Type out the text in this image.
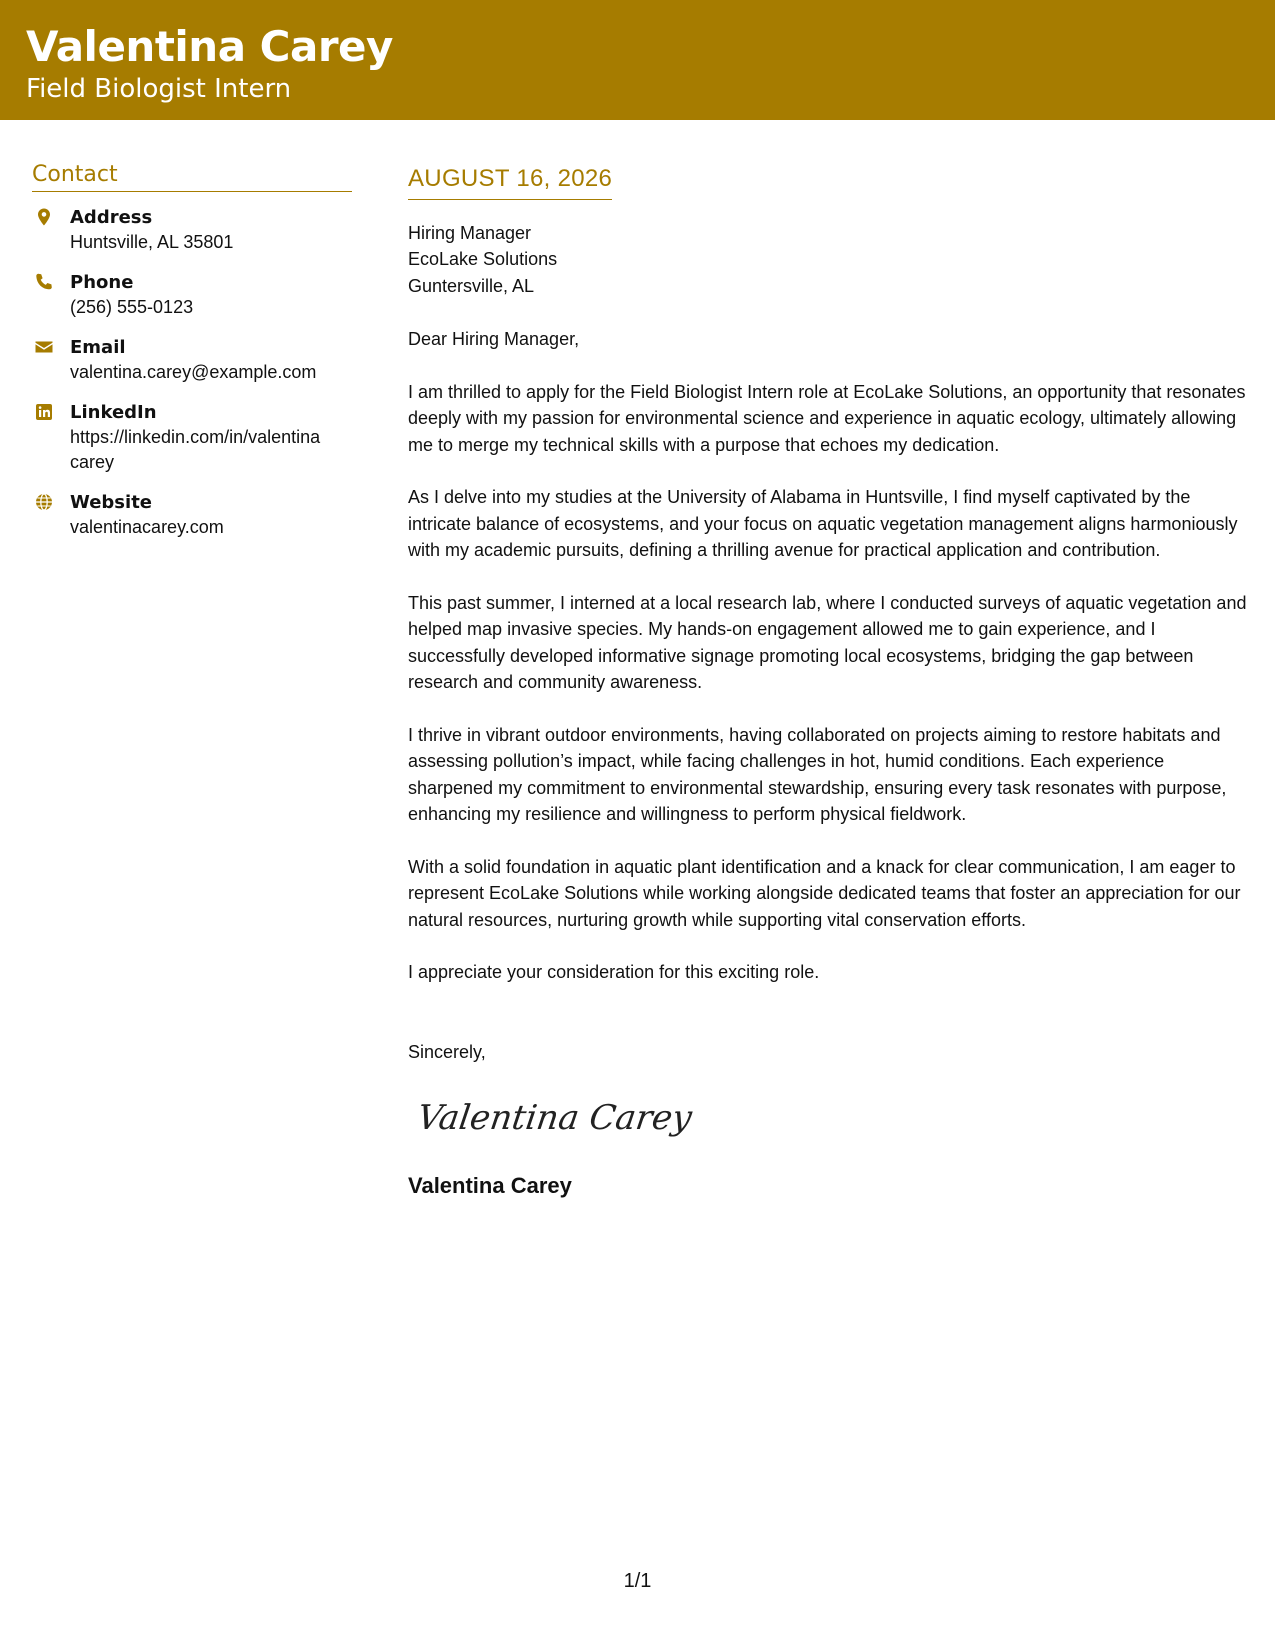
Valentina Carey
Field Biologist Intern
Contact
Address
Huntsville, AL 35801
Phone
(256) 555-0123
Email
valentina.carey@example.com
LinkedIn
https://linkedin.com/in/valentina carey
Website
valentinacarey.com
AUGUST 16, 2026
Hiring Manager
EcoLake Solutions
Guntersville, AL
Dear Hiring Manager,
I am thrilled to apply for the Field Biologist Intern role at EcoLake Solutions, an opportunity that resonates deeply with my passion for environmental science and experience in aquatic ecology, ultimately allowing me to merge my technical skills with a purpose that echoes my dedication.
As I delve into my studies at the University of Alabama in Huntsville, I find myself captivated by the intricate balance of ecosystems, and your focus on aquatic vegetation management aligns harmoniously with my academic pursuits, defining a thrilling avenue for practical application and contribution.
This past summer, I interned at a local research lab, where I conducted surveys of aquatic vegetation and helped map invasive species. My hands-on engagement allowed me to gain experience, and I successfully developed informative signage promoting local ecosystems, bridging the gap between research and community awareness.
I thrive in vibrant outdoor environments, having collaborated on projects aiming to restore habitats and assessing pollution’s impact, while facing challenges in hot, humid conditions. Each experience sharpened my commitment to environmental stewardship, ensuring every task resonates with purpose, enhancing my resilience and willingness to perform physical fieldwork.
With a solid foundation in aquatic plant identification and a knack for clear communication, I am eager to represent EcoLake Solutions while working alongside dedicated teams that foster an appreciation for our natural resources, nurturing growth while supporting vital conservation efforts.
I appreciate your consideration for this exciting role.
Sincerely,
Valentina Carey
Valentina Carey
1/1
